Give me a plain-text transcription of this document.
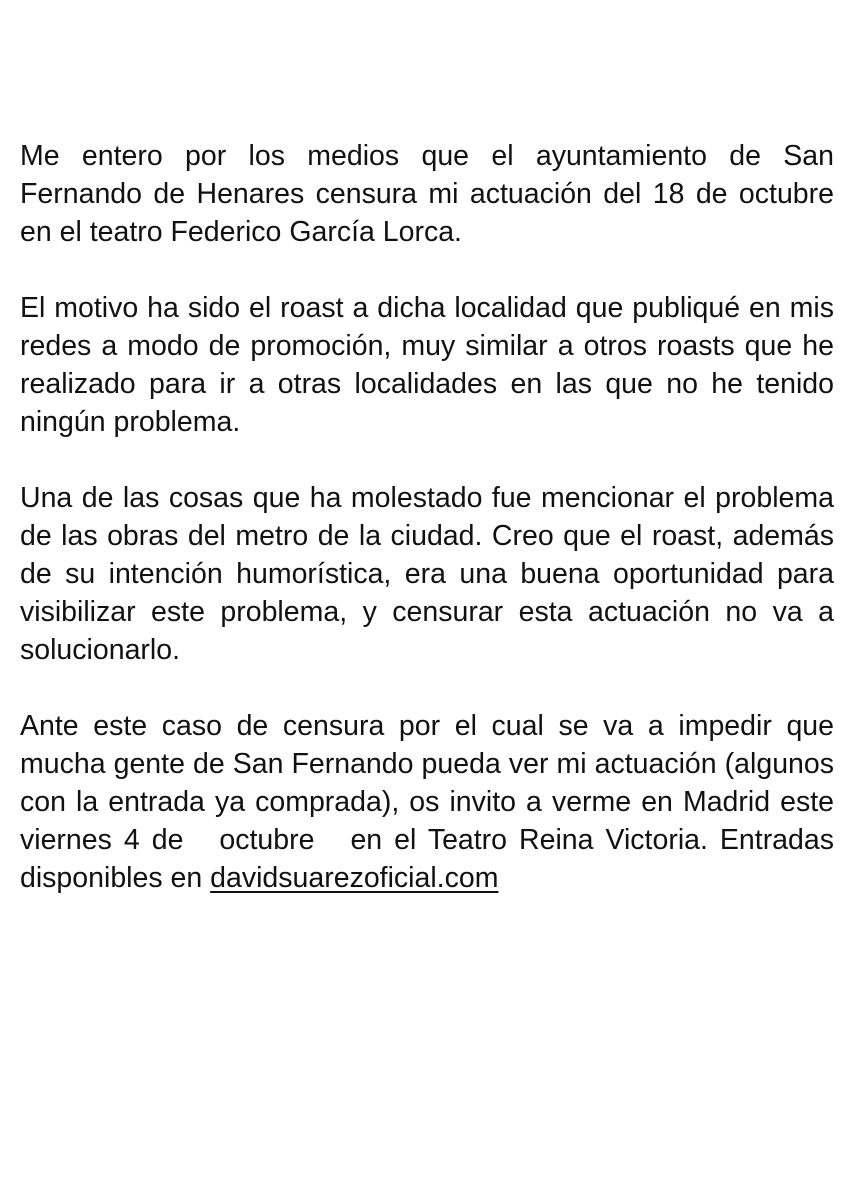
Me entero por los medios que el ayuntamiento de San Fernando de Henares censura mi actuación del 18 de octubre en el teatro Federico García Lorca.

El motivo ha sido el roast a dicha localidad que publiqué en mis redes a modo de promoción, muy similar a otros roasts que he realizado para ir a otras localidades en las que no he tenido ningún problema.

Una de las cosas que ha molestado fue mencionar el problema de las obras del metro de la ciudad. Creo que el roast, además de su intención humorística, era una buena oportunidad para visibilizar este problema, y censurar esta actuación no va a solucionarlo.

Ante este caso de censura por el cual se va a impedir que mucha gente de San Fernando pueda ver mi actuación (algunos con la entrada ya comprada), os invito a verme en Madrid este viernes 4 de   octubre   en el Teatro Reina Victoria. Entradas disponibles en davidsuarezoficial.com
